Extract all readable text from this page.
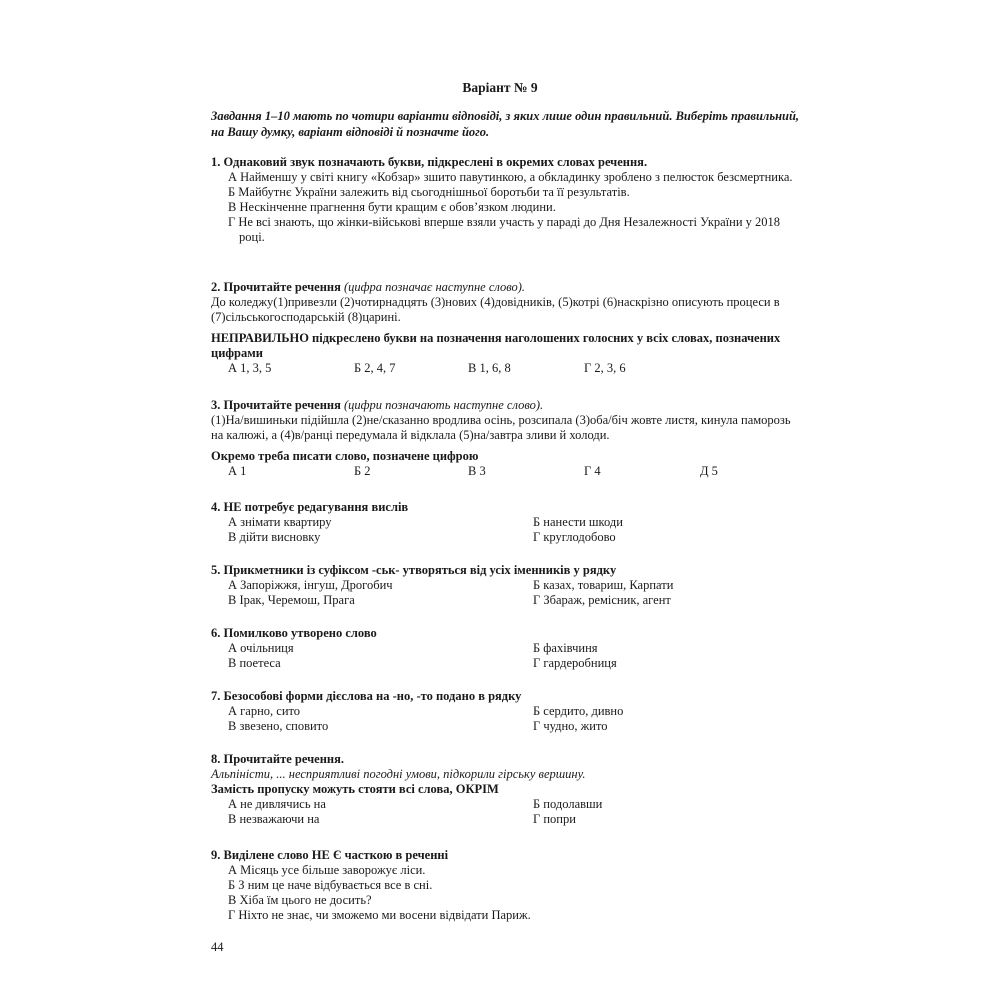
Варіант № 9
Завдання 1–10 мають по чотири варіанти відповіді, з яких лише один правильний. Виберіть правильний, на Вашу думку, варіант відповіді й позначте його.
1. Однаковий звук позначають букви, підкреслені в окремих словах речення.
А Найменшу у світі книгу «Кобзар» зшито павутинкою, а обкладинку зроблено з пелюсток безсмертника.
Б Майбутнє України залежить від сьогоднішньої боротьби та її результатів.
В Нескінченне прагнення бути кращим є обов’язком людини.
Г Не всі знають, що жінки-військові вперше взяли участь у параді до Дня Незалежності України у 2018 році.
2. Прочитайте речення (цифра позначає наступне слово).
До коледжу(1)привезли (2)чотирнадцять (3)нових (4)довідників, (5)котрі (6)наскрізно описують процеси в (7)сільськогосподарській (8)царині.
НЕПРАВИЛЬНО підкреслено букви на позначення наголошених голосних у всіх словах, позначених цифрами
А 1, 3, 5	Б 2, 4, 7	В 1, 6, 8	Г 2, 3, 6
3. Прочитайте речення (цифри позначають наступне слово).
(1)На/вишиньки підійшла (2)не/сказанно вродлива осінь, розсипала (3)оба/біч жовте листя, кинула паморозь на калюжі, а (4)в/ранці передумала й відклала (5)на/завтра зливи й холоди.
Окремо треба писати слово, позначене цифрою
А 1	Б 2	В 3	Г 4	Д 5
4. НЕ потребує редагування вислів
А знімати квартиру	Б нанести шкоди
В дійти висновку	Г круглодобово
5. Прикметники із суфіксом -ськ- утворяться від усіх іменників у рядку
А Запоріжжя, інгуш, Дрогобич	Б казах, товариш, Карпати
В Ірак, Черемош, Прага	Г Збараж, ремісник, агент
6. Помилково утворено слово
А очільниця	Б фахівчиня
В поетеса	Г гардеробниця
7. Безособові форми дієслова на -но, -то подано в рядку
А гарно, сито	Б сердито, дивно
В звезено, сповито	Г чудно, жито
8. Прочитайте речення.
Альпіністи, ... несприятливі погодні умови, підкорили гірську вершину.
Замість пропуску можуть стояти всі слова, ОКРІМ
А не дивлячись на	Б подолавши
В незважаючи на	Г попри
9. Виділене слово НЕ Є часткою в реченні
А Місяць усе більше заворожує ліси.
Б З ним це наче відбувається все в сні.
В Хіба їм цього не досить?
Г Ніхто не знає, чи зможемо ми восени відвідати Париж.
44
